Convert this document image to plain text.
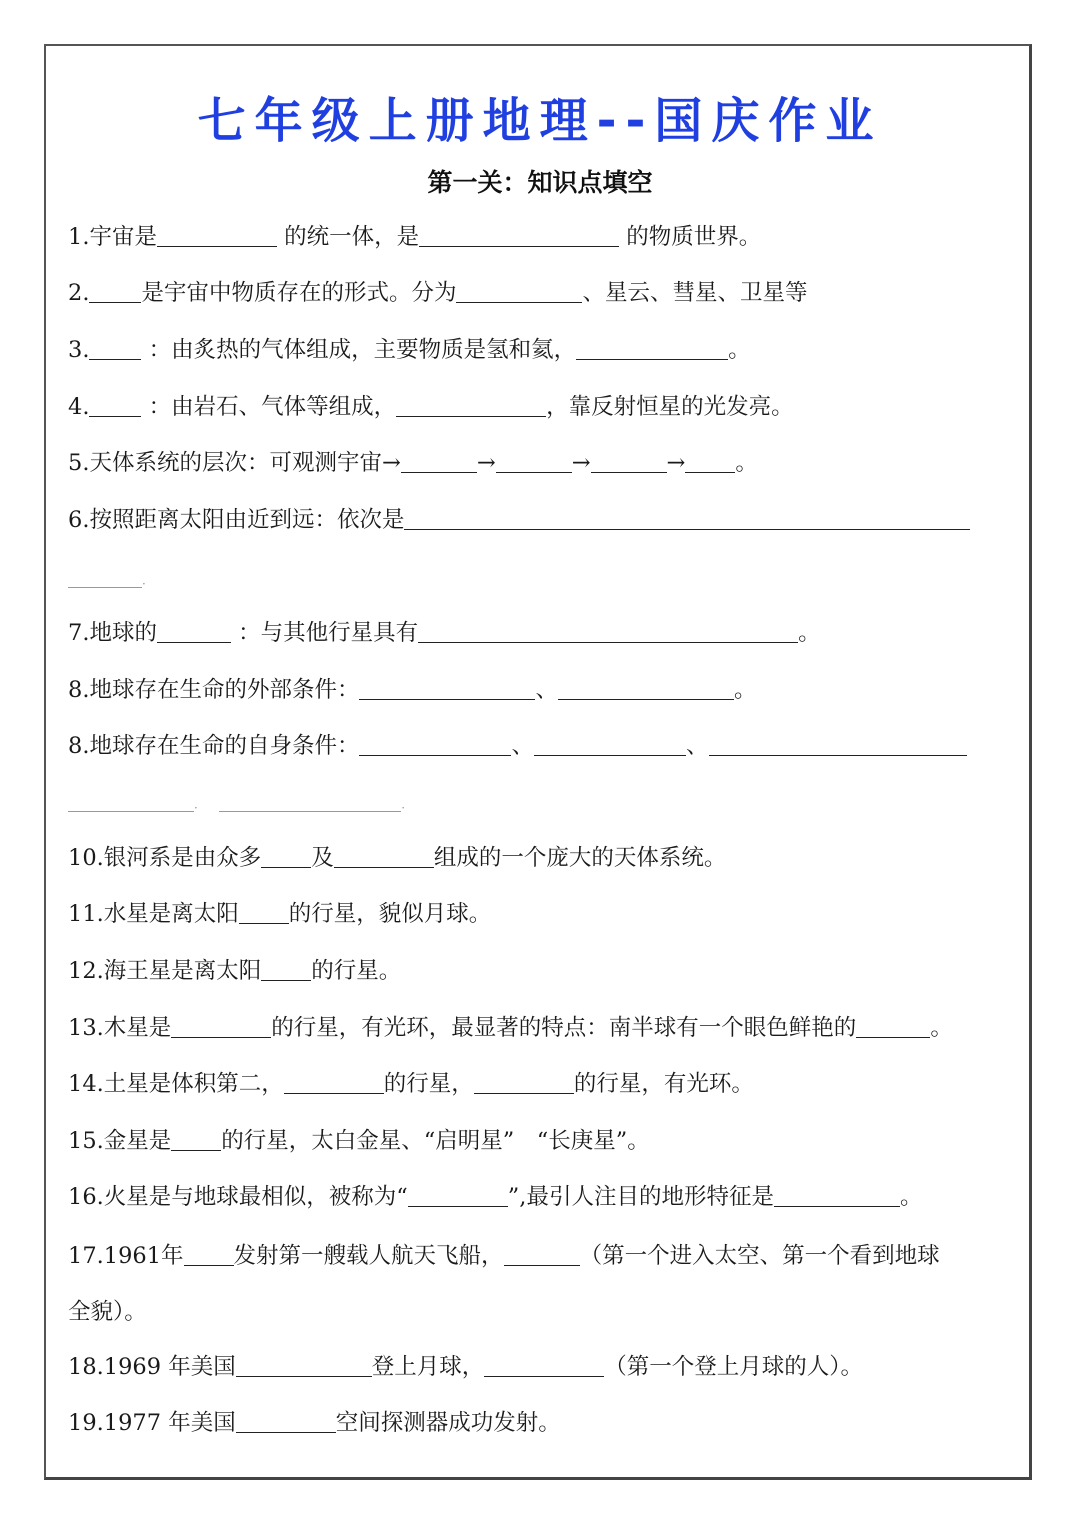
七年级上册地理--国庆作业
第一关：知识点填空
1.宇宙是	的统一体，是	的物质世界。
2. 是宇宙中物质存在的形式。分为	、星云、彗星、卫星等
3.	：由炙热的气体组成，主要物质是氢和氦，	。
4.	：由岩石、气体等组成，	，靠反射恒星的光发亮。
5.天体系统的层次：可观测宇宙→	→	→	→ 。
6.按照距离太阳由近到远：依次是
·
7.地球的	：与其他行星具有	。
8.地球存在生命的外部条件：	、	。
8.地球存在生命的自身条件：	、	、
·	·
10.银河系是由众多 及	组成的一个庞大的天体系统。
11.水星是离太阳 的行星，貌似月球。
12.海王星是离太阳 的行星。
13.木星是	的行星，有光环，最显著的特点：南半球有一个眼色鲜艳的	。
14.土星是体积第二，	的行星，	的行星，有光环。
15.金星是 的行星，太白金星、“启明星”　“长庚星”。
16.火星是与地球最相似，被称为“	”,最引人注目的地形特征是	。
17.1961年 发射第一艘载人航天飞船，	（第一个进入太空、第一个看到地球
全貌）。
18.1969 年美国	登上月球，	（第一个登上月球的人）。
19.1977 年美国	空间探测器成功发射。
